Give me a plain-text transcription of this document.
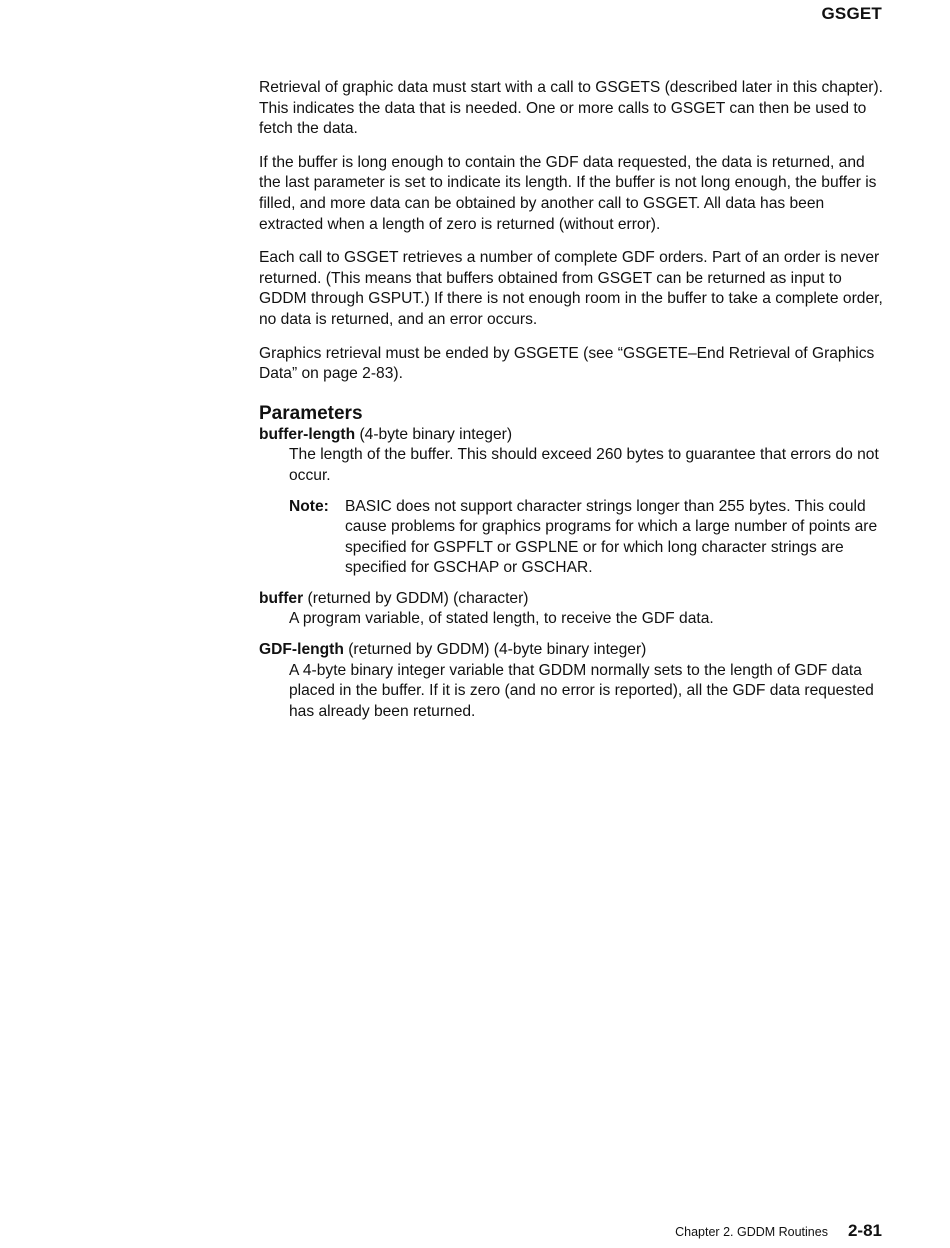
GSGET

Retrieval of graphic data must start with a call to GSGETS (described later in this chapter). This indicates the data that is needed. One or more calls to GSGET can then be used to fetch the data.

If the buffer is long enough to contain the GDF data requested, the data is returned, and the last parameter is set to indicate its length. If the buffer is not long enough, the buffer is filled, and more data can be obtained by another call to GSGET. All data has been extracted when a length of zero is returned (without error).

Each call to GSGET retrieves a number of complete GDF orders. Part of an order is never returned. (This means that buffers obtained from GSGET can be returned as input to GDDM through GSPUT.) If there is not enough room in the buffer to take a complete order, no data is returned, and an error occurs.

Graphics retrieval must be ended by GSGETE (see “GSGETE–End Retrieval of Graphics Data” on page 2-83).

Parameters
buffer-length (4-byte binary integer)
The length of the buffer. This should exceed 260 bytes to guarantee that errors do not occur.
Note:	BASIC does not support character strings longer than 255 bytes. This could cause problems for graphics programs for which a large number of points are specified for GSPFLT or GSPLNE or for which long character strings are specified for GSCHAP or GSCHAR.
buffer (returned by GDDM) (character)
A program variable, of stated length, to receive the GDF data.
GDF-length (returned by GDDM) (4-byte binary integer)
A 4-byte binary integer variable that GDDM normally sets to the length of GDF data placed in the buffer. If it is zero (and no error is reported), all the GDF data requested has already been returned.
Chapter 2. GDDM Routines 2-81
